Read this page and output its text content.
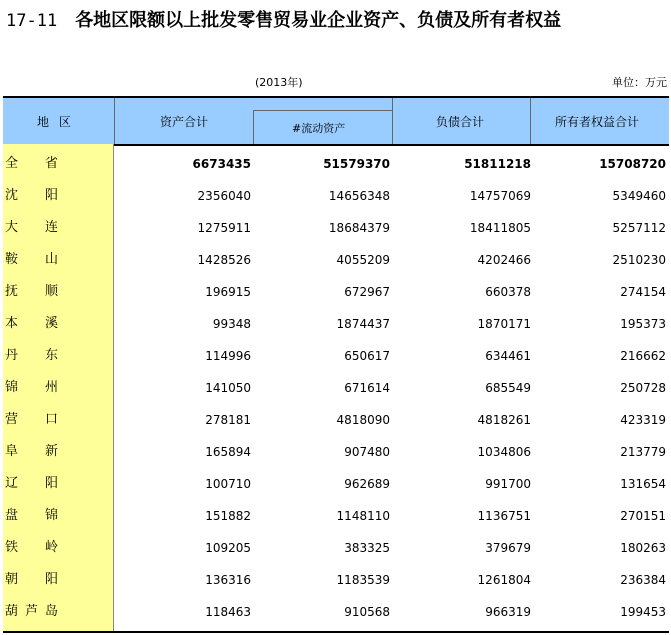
17-11 各地区限额以上批发零售贸易业企业资产、负债及所有者权益
(2013年)	单位：万元
地 区	资产合计	#流动资产	负债合计	所有者权益合计
全 省	6673435	51579370	51811218	15708720
沈 阳	2356040	14656348	14757069	5349460
大 连	1275911	18684379	18411805	5257112
鞍 山	1428526	4055209	4202466	2510230
抚 顺	196915	672967	660378	274154
本 溪	99348	1874437	1870171	195373
丹 东	114996	650617	634461	216662
锦 州	141050	671614	685549	250728
营 口	278181	4818090	4818261	423319
阜 新	165894	907480	1034806	213779
辽 阳	100710	962689	991700	131654
盘 锦	151882	1148110	1136751	270151
铁 岭	109205	383325	379679	180263
朝 阳	136316	1183539	1261804	236384
葫 芦 岛	118463	910568	966319	199453
